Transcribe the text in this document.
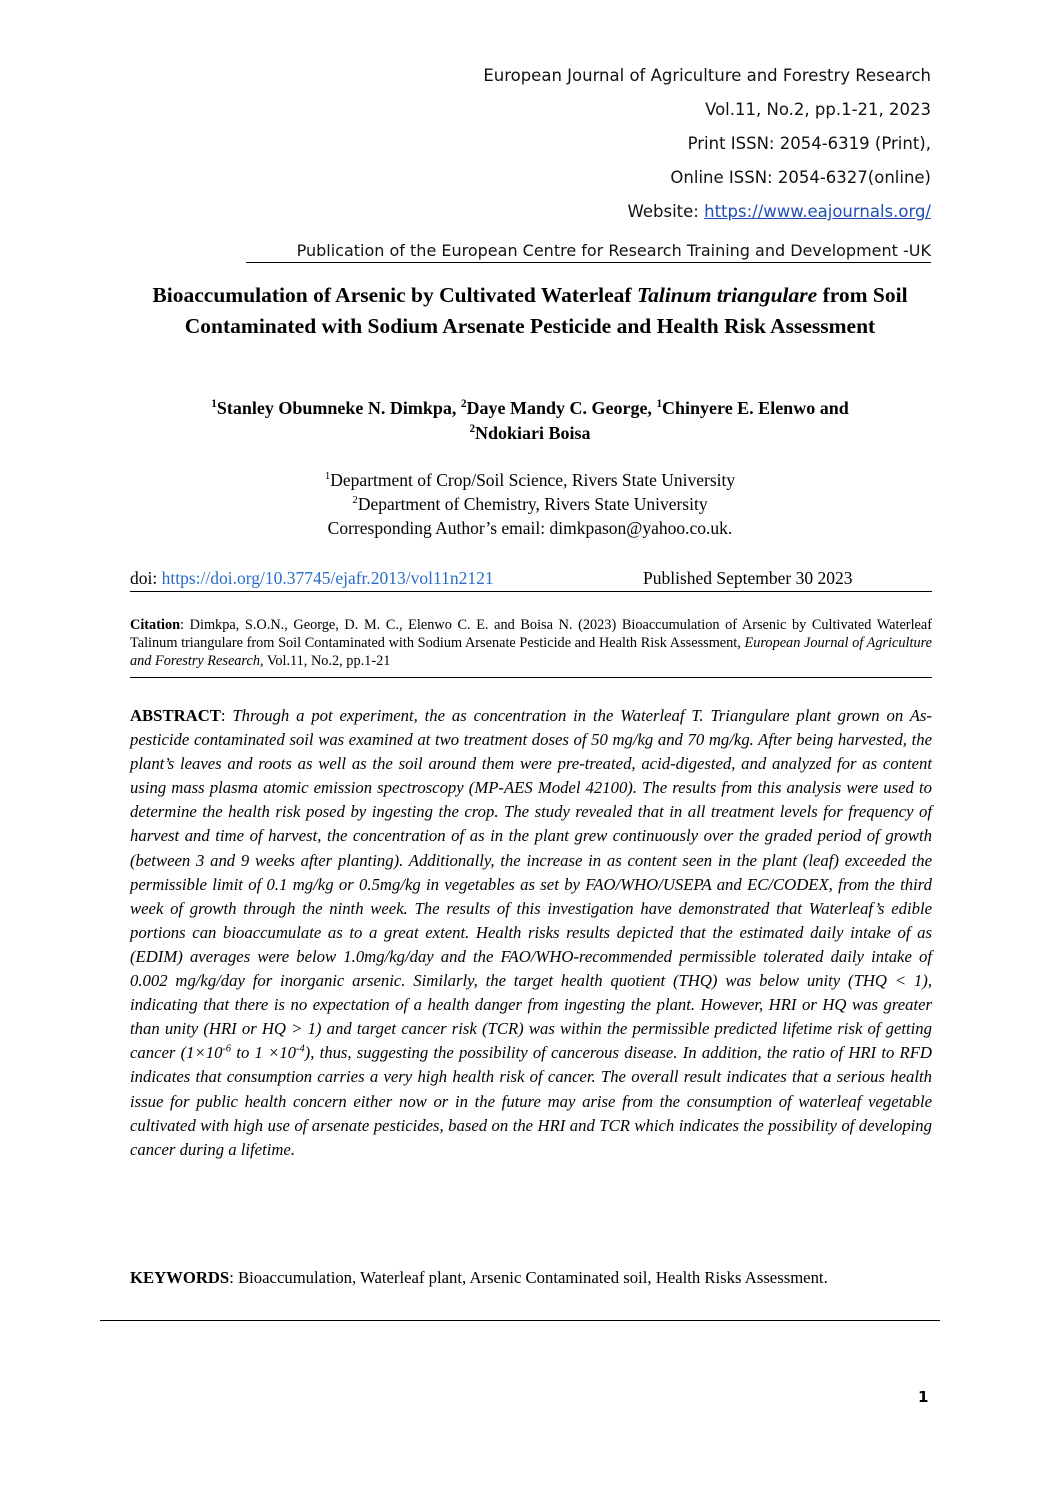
European Journal of Agriculture and Forestry Research
Vol.11, No.2, pp.1-21, 2023
Print ISSN: 2054-6319 (Print),
Online ISSN: 2054-6327(online)
Website: https://www.eajournals.org/
Publication of the European Centre for Research Training and Development -UK
Bioaccumulation of Arsenic by Cultivated Waterleaf Talinum triangulare from Soil Contaminated with Sodium Arsenate Pesticide and Health Risk Assessment
$^1$Stanley Obumneke N. Dimkpa, $^2$Daye Mandy C. George, $^1$Chinyere E. Elenwo and
$^2$Ndokiari Boisa
$^1$Department of Crop/Soil Science, Rivers State University
$^2$Department of Chemistry, Rivers State University
Corresponding Author’s email: dimkpason@yahoo.co.uk.
doi: https://doi.org/10.37745/ejafr.2013/vol11n2121	Published September 30 2023
Citation: Dimkpa, S.O.N., George, D. M. C., Elenwo C. E. and Boisa N. (2023) Bioaccumulation of Arsenic by Cultivated Waterleaf Talinum triangulare from Soil Contaminated with Sodium Arsenate Pesticide and Health Risk Assessment, European Journal of Agriculture and Forestry Research, Vol.11, No.2, pp.1-21
ABSTRACT: Through a pot experiment, the as concentration in the Waterleaf T. Triangulare plant grown on As-pesticide contaminated soil was examined at two treatment doses of 50 mg/kg and 70 mg/kg. After being harvested, the plant’s leaves and roots as well as the soil around them were pre-treated, acid-digested, and analyzed for as content using mass plasma atomic emission spectroscopy (MP-AES Model 42100). The results from this analysis were used to determine the health risk posed by ingesting the crop. The study revealed that in all treatment levels for frequency of harvest and time of harvest, the concentration of as in the plant grew continuously over the graded period of growth (between 3 and 9 weeks after planting). Additionally, the increase in as content seen in the plant (leaf) exceeded the permissible limit of 0.1 mg/kg or 0.5mg/kg in vegetables as set by FAO/WHO/USEPA and EC/CODEX, from the third week of growth through the ninth week. The results of this investigation have demonstrated that Waterleaf’s edible portions can bioaccumulate as to a great extent. Health risks results depicted that the estimated daily intake of as (EDIM) averages were below 1.0mg/kg/day and the FAO/WHO-recommended permissible tolerated daily intake of 0.002 mg/kg/day for inorganic arsenic. Similarly, the target health quotient (THQ) was below unity (THQ < 1), indicating that there is no expectation of a health danger from ingesting the plant. However, HRI or HQ was greater than unity (HRI or HQ > 1) and target cancer risk (TCR) was within the permissible predicted lifetime risk of getting cancer ($1\times 10^{-6}$ to $1 \times 10^{-4}$), thus, suggesting the possibility of cancerous disease. In addition, the ratio of HRI to RFD indicates that consumption carries a very high health risk of cancer. The overall result indicates that a serious health issue for public health concern either now or in the future may arise from the consumption of waterleaf vegetable cultivated with high use of arsenate pesticides, based on the HRI and TCR which indicates the possibility of developing cancer during a lifetime.
KEYWORDS: Bioaccumulation, Waterleaf plant, Arsenic Contaminated soil, Health Risks Assessment.
1
